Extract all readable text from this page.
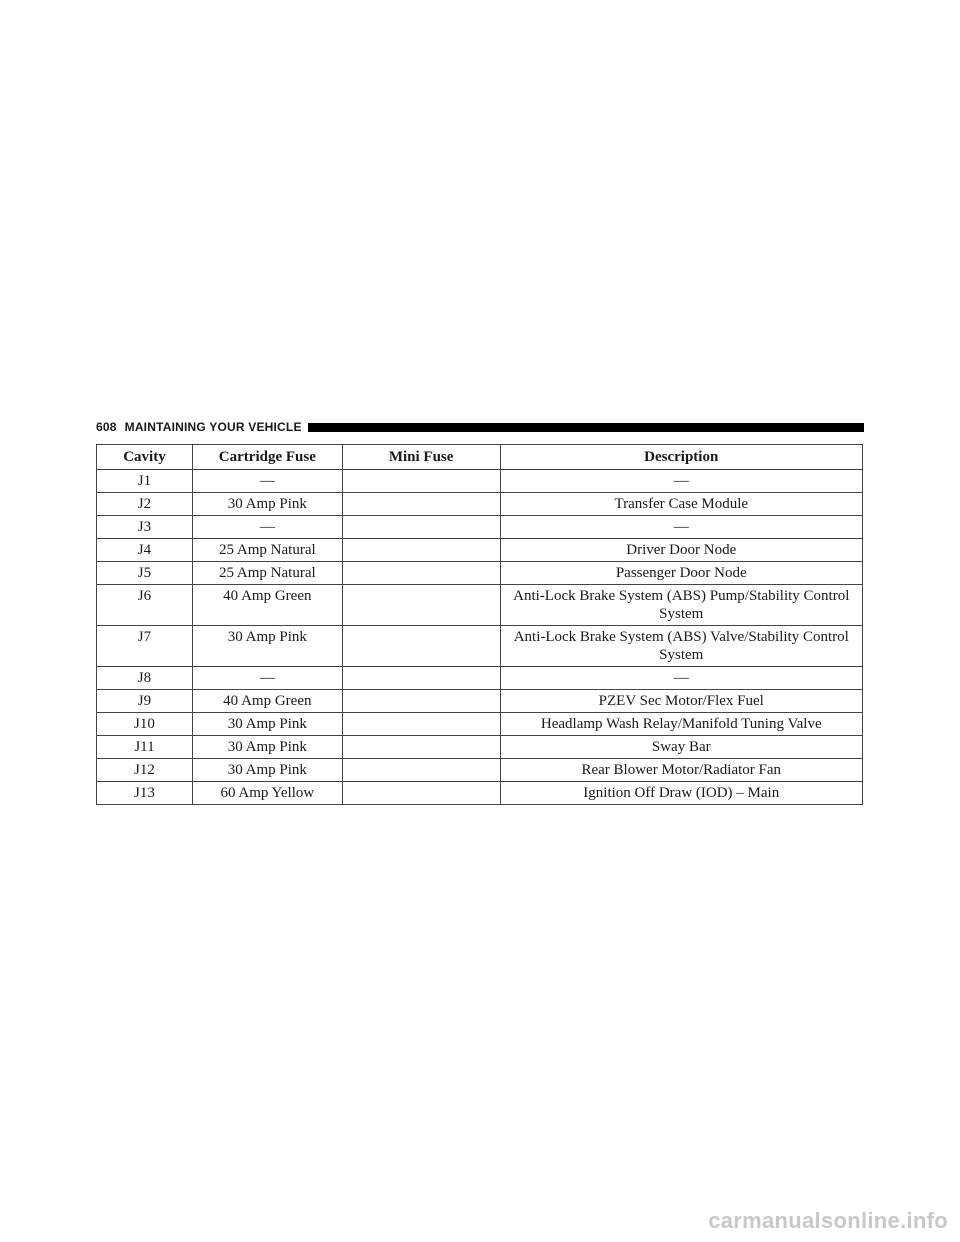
608 MAINTAINING YOUR VEHICLE
Cavity	Cartridge Fuse	Mini Fuse	Description
J1	—		—
J2	30 Amp Pink		Transfer Case Module
J3	—		—
J4	25 Amp Natural		Driver Door Node
J5	25 Amp Natural		Passenger Door Node
J6	40 Amp Green		Anti-Lock Brake System (ABS) Pump/Stability Control System
J7	30 Amp Pink		Anti-Lock Brake System (ABS) Valve/Stability Control System
J8	—		—
J9	40 Amp Green		PZEV Sec Motor/Flex Fuel
J10	30 Amp Pink		Headlamp Wash Relay/Manifold Tuning Valve
J11	30 Amp Pink		Sway Bar
J12	30 Amp Pink		Rear Blower Motor/Radiator Fan
J13	60 Amp Yellow		Ignition Off Draw (IOD) – Main
carmanualsonline.info
